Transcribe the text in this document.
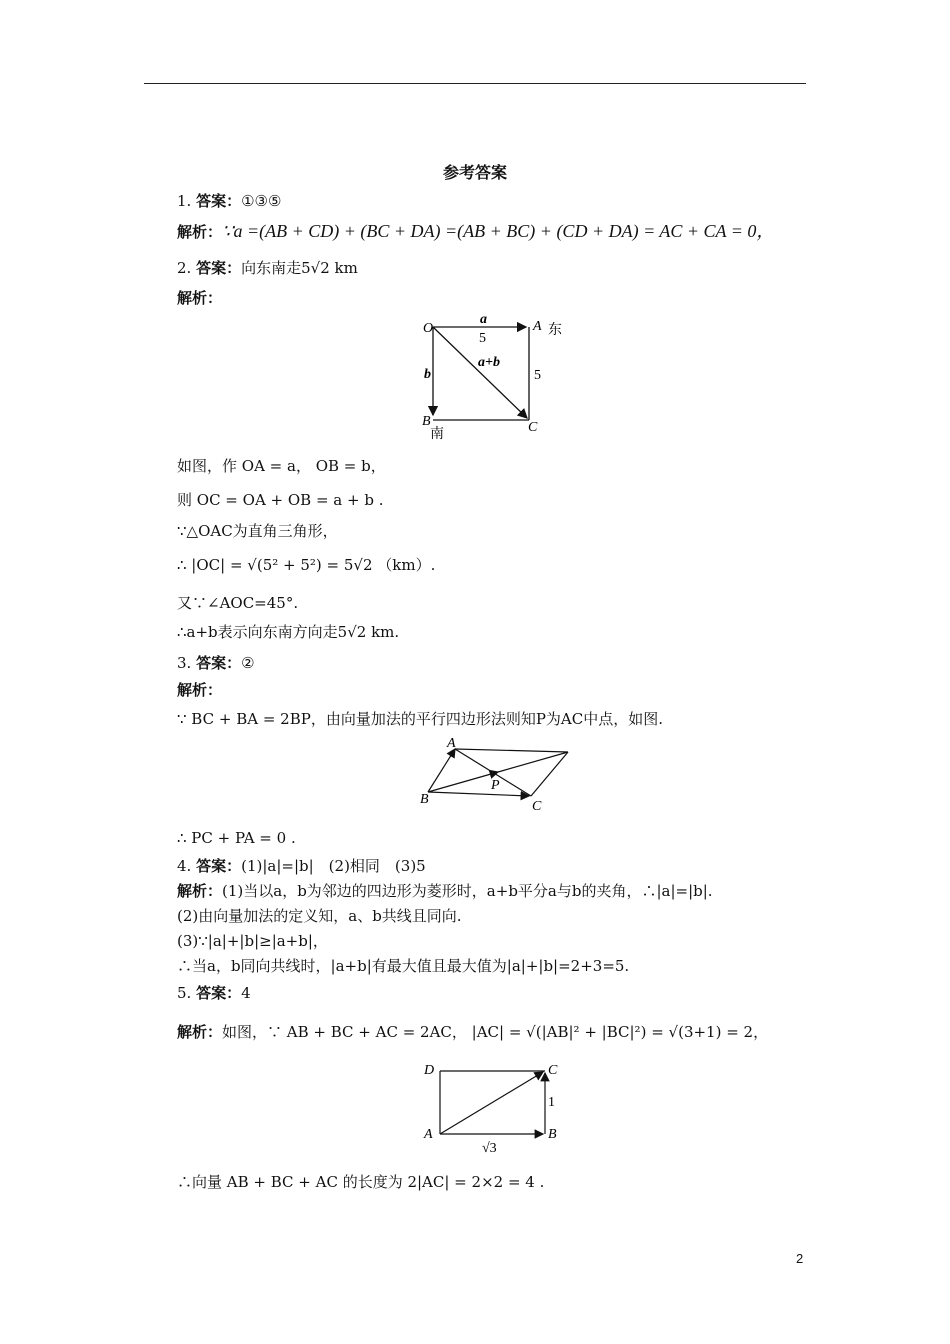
参考答案
1. 答案：①③⑤
解析：∵a =(AB + CD) + (BC + DA) =(AB + BC) + (CD + DA) = AC + CA = 0，
2. 答案：向东南走5√2 km
解析：
O	A 东
a
5
a+b
5
b
B
南	C
如图，作 OA = a， OB = b，
则 OC = OA + OB = a + b .
∵△OAC为直角三角形，
∴ |OC| = √(5² + 5²) = 5√2 （km）.
又∵∠AOC=45°.
∴a+b表示向东南方向走5√2 km.
3. 答案：②
解析：
∵ BC + BA = 2BP，由向量加法的平行四边形法则知P为AC中点，如图.
A
B	C
P
∴ PC + PA = 0 .
4. 答案：(1)|a|=|b|　(2)相同　(3)5
解析：(1)当以a，b为邻边的四边形为菱形时，a+b平分a与b的夹角，∴|a|=|b|.
(2)由向量加法的定义知，a、b共线且同向.
(3)∵|a|+|b|≥|a+b|，
∴当a，b同向共线时，|a+b|有最大值且最大值为|a|+|b|=2+3=5.
5. 答案：4
解析：如图，∵ AB + BC + AC = 2AC， |AC| = √(|AB|² + |BC|²) = √(3+1) = 2，
D	C
A	B
1
√3
∴向量 AB + BC + AC 的长度为 2|AC| = 2×2 = 4 .
2
